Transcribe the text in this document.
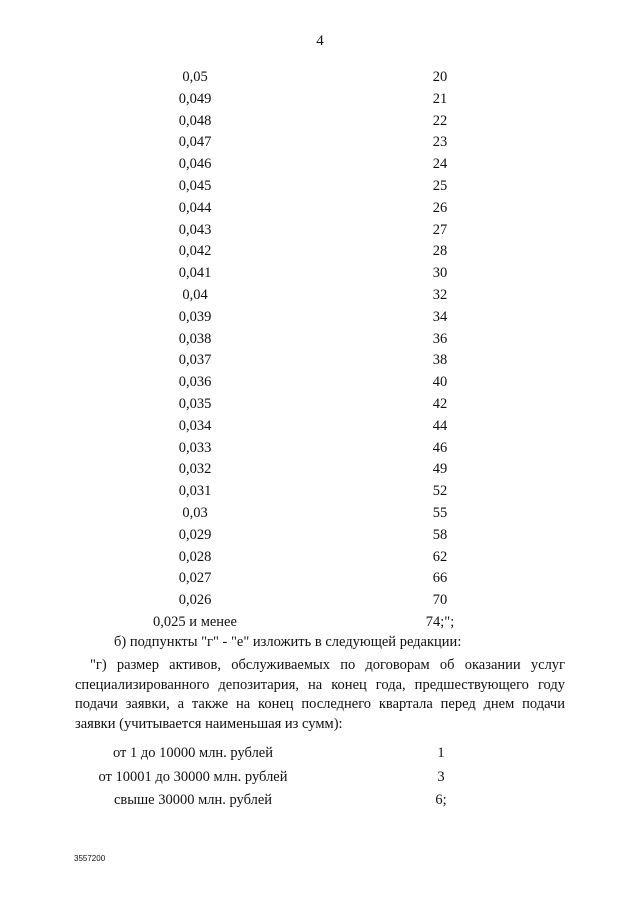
4
0,05	20
0,049	21
0,048	22
0,047	23
0,046	24
0,045	25
0,044	26
0,043	27
0,042	28
0,041	30
0,04	32
0,039	34
0,038	36
0,037	38
0,036	40
0,035	42
0,034	44
0,033	46
0,032	49
0,031	52
0,03	55
0,029	58
0,028	62
0,027	66
0,026	70
0,025 и менее	74;";
б) подпункты "г" - "е" изложить в следующей редакции:
"г) размер активов, обслуживаемых по договорам об оказании услуг специализированного депозитария, на конец года, предшествующего году подачи заявки, а также на конец последнего квартала перед днем подачи заявки (учитывается наименьшая из сумм):
от 1 до 10000 млн. рублей	1
от 10001 до 30000 млн. рублей	3
свыше 30000 млн. рублей	6;
3557200
